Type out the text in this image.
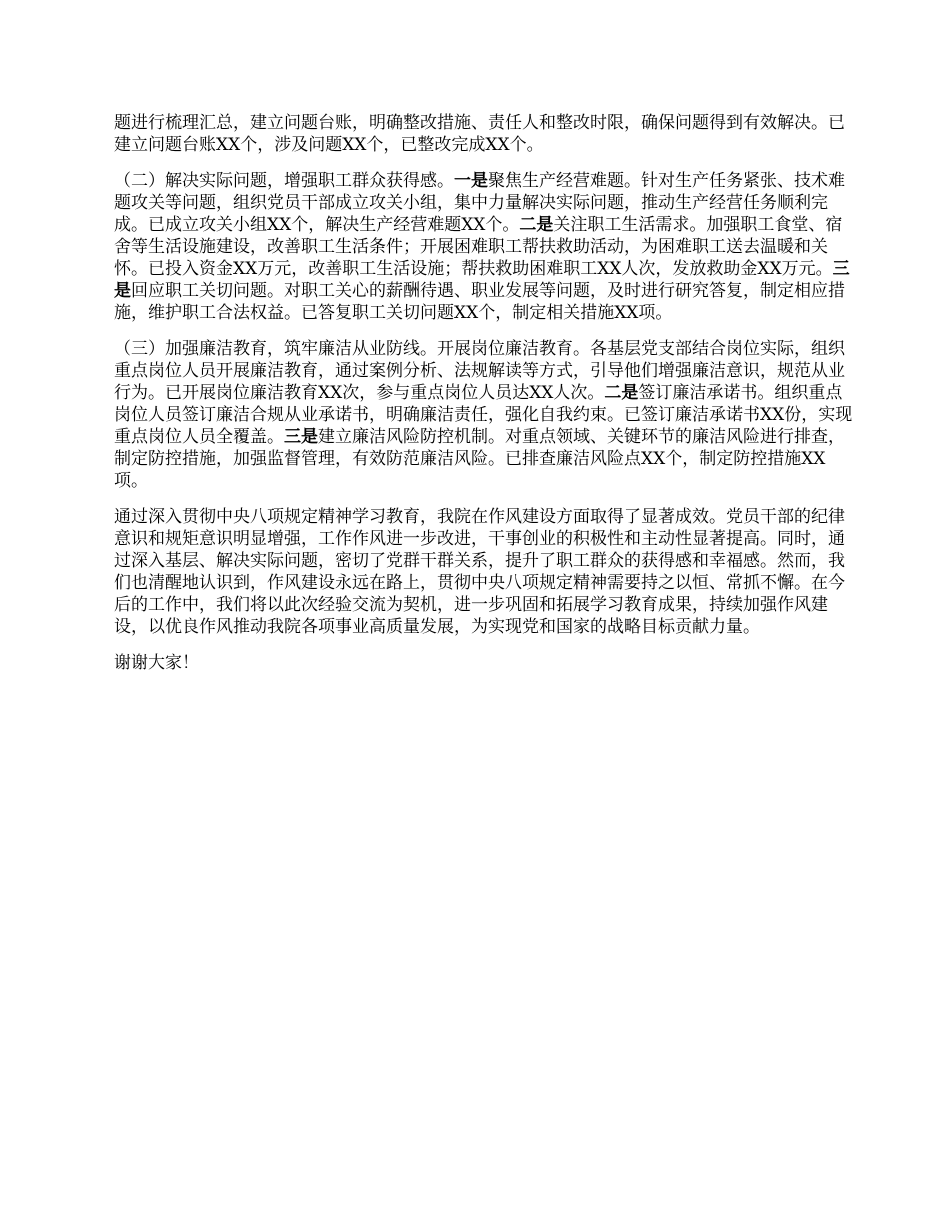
题进行梳理汇总，建立问题台账，明确整改措施、责任人和整改时限，确保问题得到有效解决。已建立问题台账XX个，涉及问题XX个，已整改完成XX个。

（二）解决实际问题，增强职工群众获得感。一是聚焦生产经营难题。针对生产任务紧张、技术难题攻关等问题，组织党员干部成立攻关小组，集中力量解决实际问题，推动生产经营任务顺利完成。已成立攻关小组XX个，解决生产经营难题XX个。二是关注职工生活需求。加强职工食堂、宿舍等生活设施建设，改善职工生活条件；开展困难职工帮扶救助活动，为困难职工送去温暖和关怀。已投入资金XX万元，改善职工生活设施；帮扶救助困难职工XX人次，发放救助金XX万元。三是回应职工关切问题。对职工关心的薪酬待遇、职业发展等问题，及时进行研究答复，制定相应措施，维护职工合法权益。已答复职工关切问题XX个，制定相关措施XX项。

（三）加强廉洁教育，筑牢廉洁从业防线。开展岗位廉洁教育。各基层党支部结合岗位实际，组织重点岗位人员开展廉洁教育，通过案例分析、法规解读等方式，引导他们增强廉洁意识，规范从业行为。已开展岗位廉洁教育XX次，参与重点岗位人员达XX人次。二是签订廉洁承诺书。组织重点岗位人员签订廉洁合规从业承诺书，明确廉洁责任，强化自我约束。已签订廉洁承诺书XX份，实现重点岗位人员全覆盖。三是建立廉洁风险防控机制。对重点领域、关键环节的廉洁风险进行排查，制定防控措施，加强监督管理，有效防范廉洁风险。已排查廉洁风险点XX个，制定防控措施XX项。

通过深入贯彻中央八项规定精神学习教育，我院在作风建设方面取得了显著成效。党员干部的纪律意识和规矩意识明显增强，工作作风进一步改进，干事创业的积极性和主动性显著提高。同时，通过深入基层、解决实际问题，密切了党群干群关系，提升了职工群众的获得感和幸福感。然而，我们也清醒地认识到，作风建设永远在路上，贯彻中央八项规定精神需要持之以恒、常抓不懈。在今后的工作中，我们将以此次经验交流为契机，进一步巩固和拓展学习教育成果，持续加强作风建设，以优良作风推动我院各项事业高质量发展，为实现党和国家的战略目标贡献力量。

谢谢大家！
